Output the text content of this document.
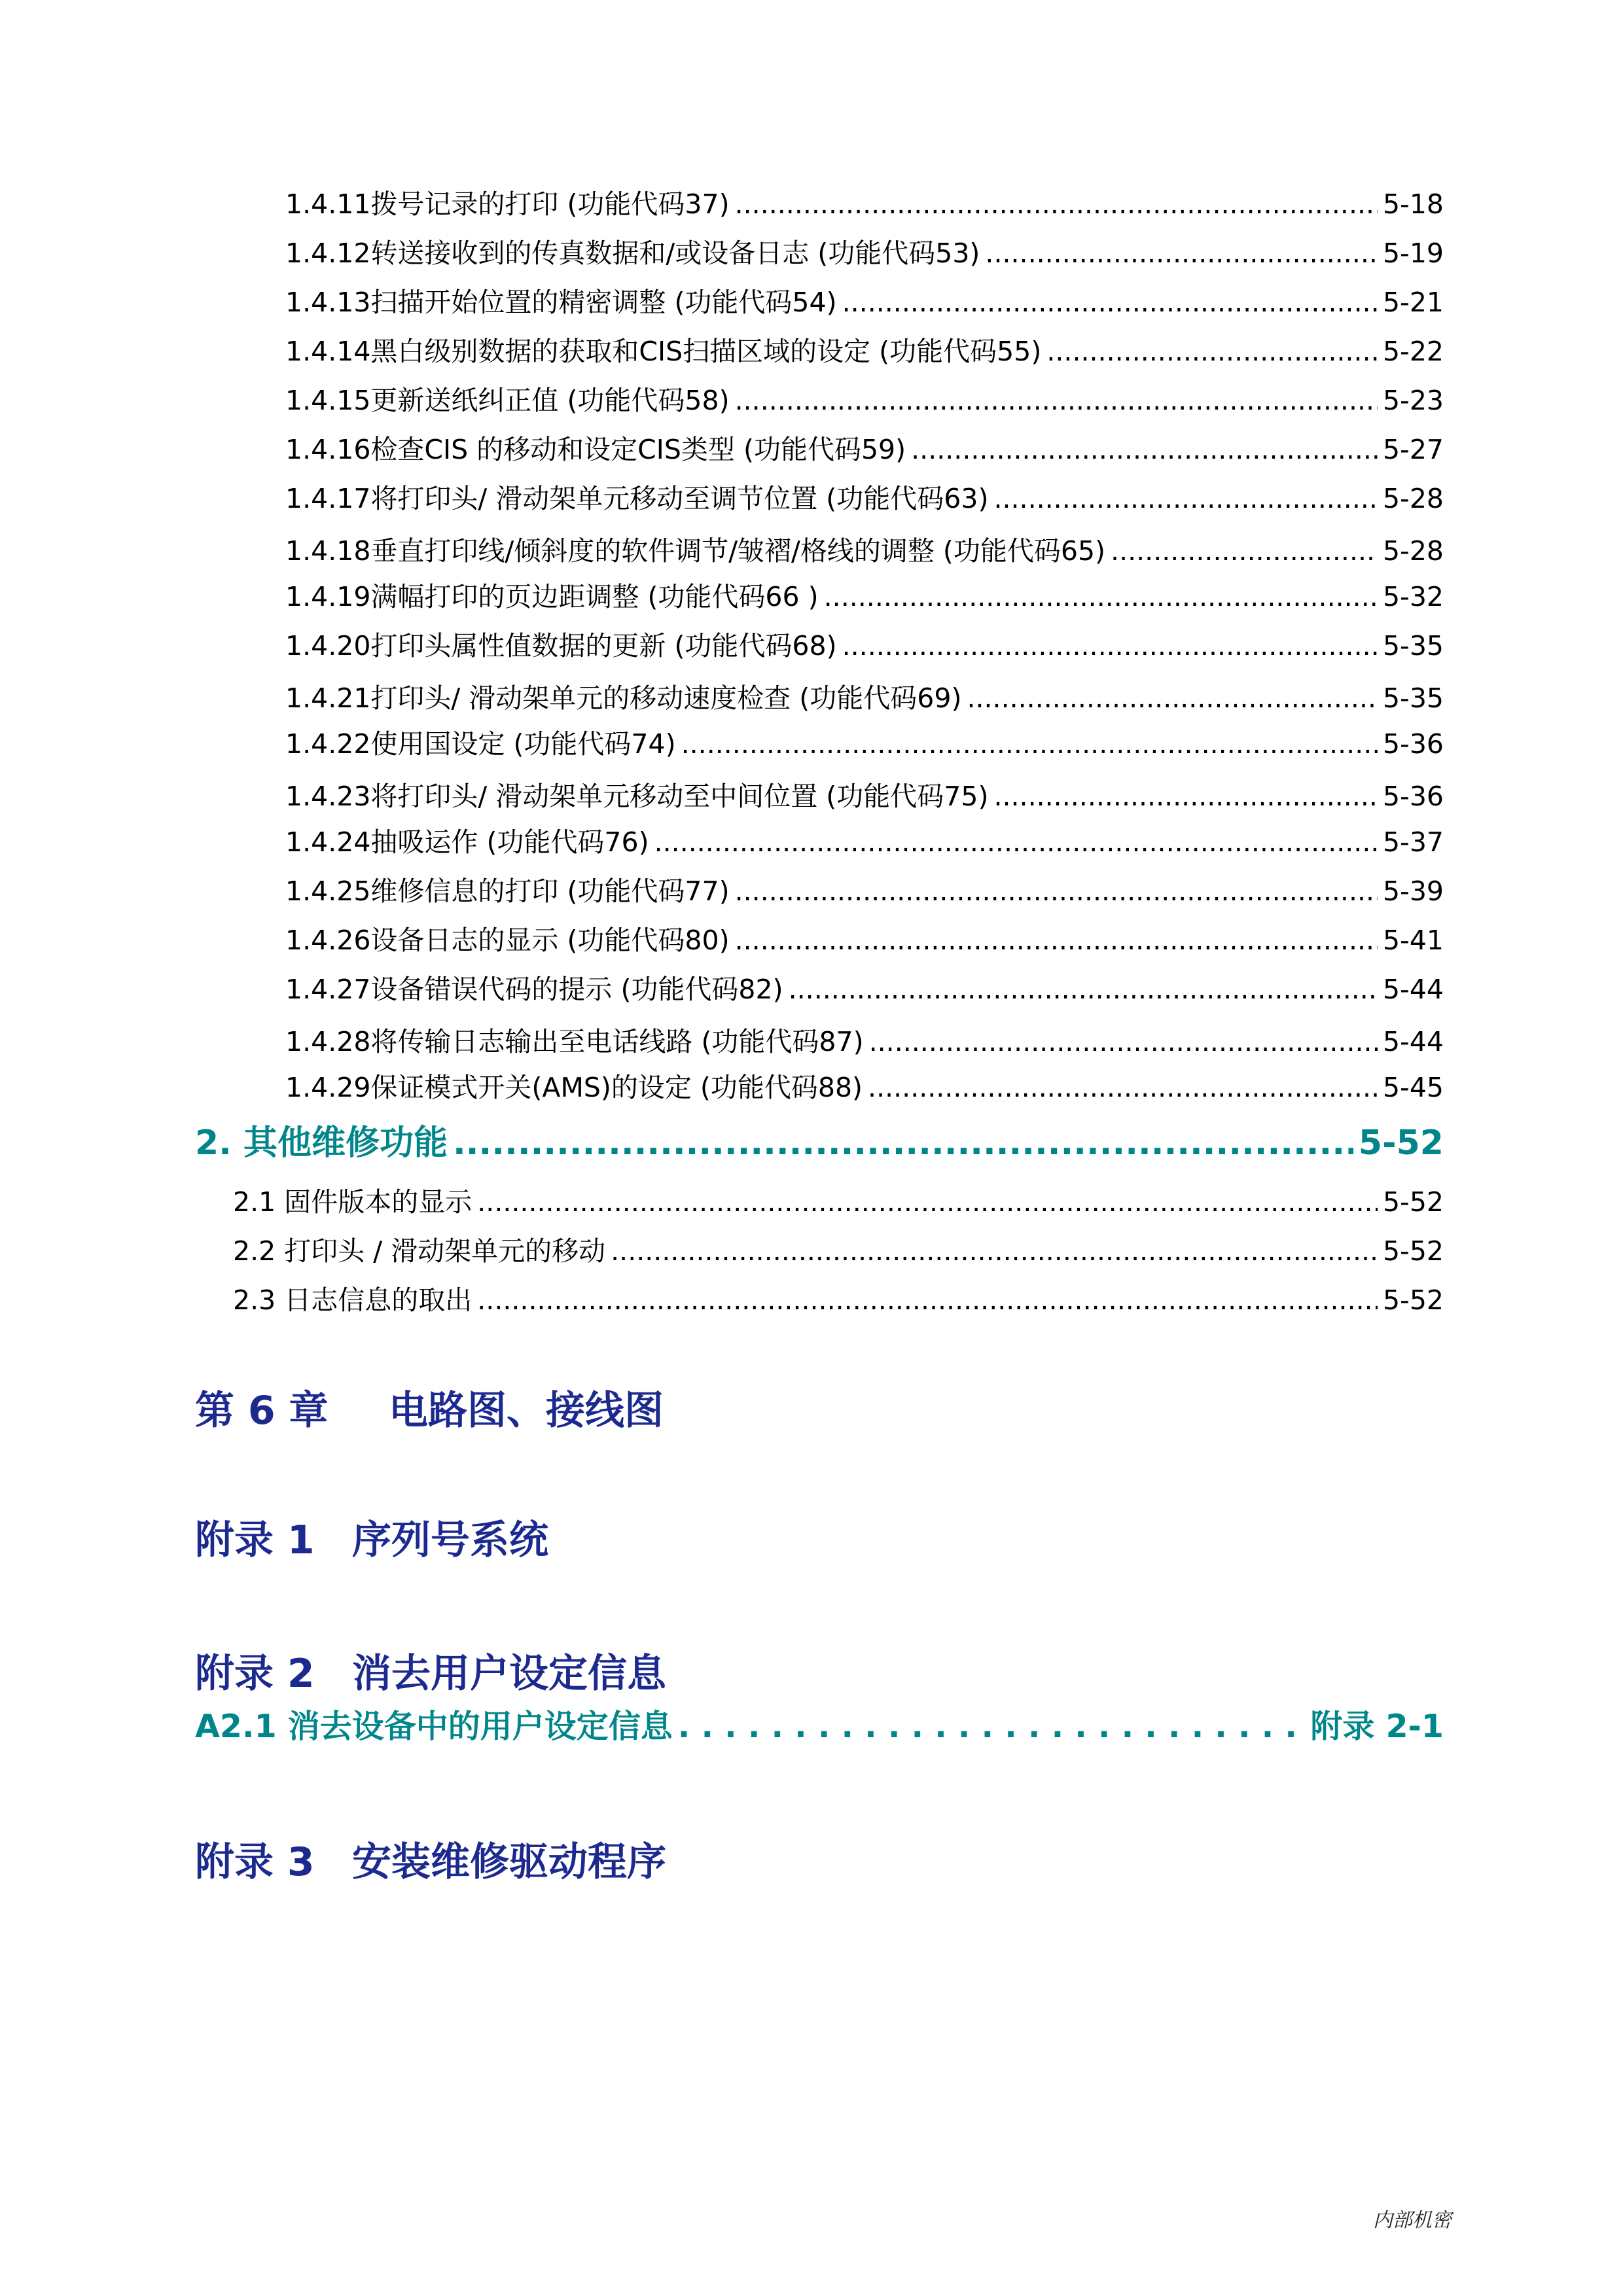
1.4.11拨号记录的打印 (功能代码37) .....	5-18
1.4.12转送接收到的传真数据和/或设备日志 (功能代码53) .....	5-19
1.4.13扫描开始位置的精密调整 (功能代码54) .....	5-21
1.4.14黑白级别数据的获取和CIS扫描区域的设定 (功能代码55) .....	5-22
1.4.15更新送纸纠正值 (功能代码58) .....	5-23
1.4.16检查CIS 的移动和设定CIS类型 (功能代码59) .....	5-27
1.4.17将打印头/ 滑动架单元移动至调节位置 (功能代码63) .....	5-28
1.4.18垂直打印线/倾斜度的软件调节/皱褶/格线的调整 (功能代码65) .....	5-28
1.4.19满幅打印的页边距调整 (功能代码66 ) .....	5-32
1.4.20打印头属性值数据的更新 (功能代码68) .....	5-35
1.4.21打印头/ 滑动架单元的移动速度检查 (功能代码69) .....	5-35
1.4.22使用国设定 (功能代码74) .....	5-36
1.4.23将打印头/ 滑动架单元移动至中间位置 (功能代码75) .....	5-36
1.4.24抽吸运作 (功能代码76) .....	5-37
1.4.25维修信息的打印 (功能代码77) .....	5-39
1.4.26设备日志的显示 (功能代码80) .....	5-41
1.4.27设备错误代码的提示 (功能代码82) .....	5-44
1.4.28将传输日志输出至电话线路 (功能代码87) .....	5-44
1.4.29保证模式开关(AMS)的设定 (功能代码88) .....	5-45
2. 其他维修功能 .....	5-52
2.1 固件版本的显示 .....	5-52
2.2 打印头 / 滑动架单元的移动 .....	5-52
2.3 日志信息的取出 .....	5-52
第 6 章 电路图、接线图
附录 1 序列号系统
附录 2 消去用户设定信息
A2.1 消去设备中的用户设定信息 . . .	附录 2-1
附录 3 安装维修驱动程序
内部机密
